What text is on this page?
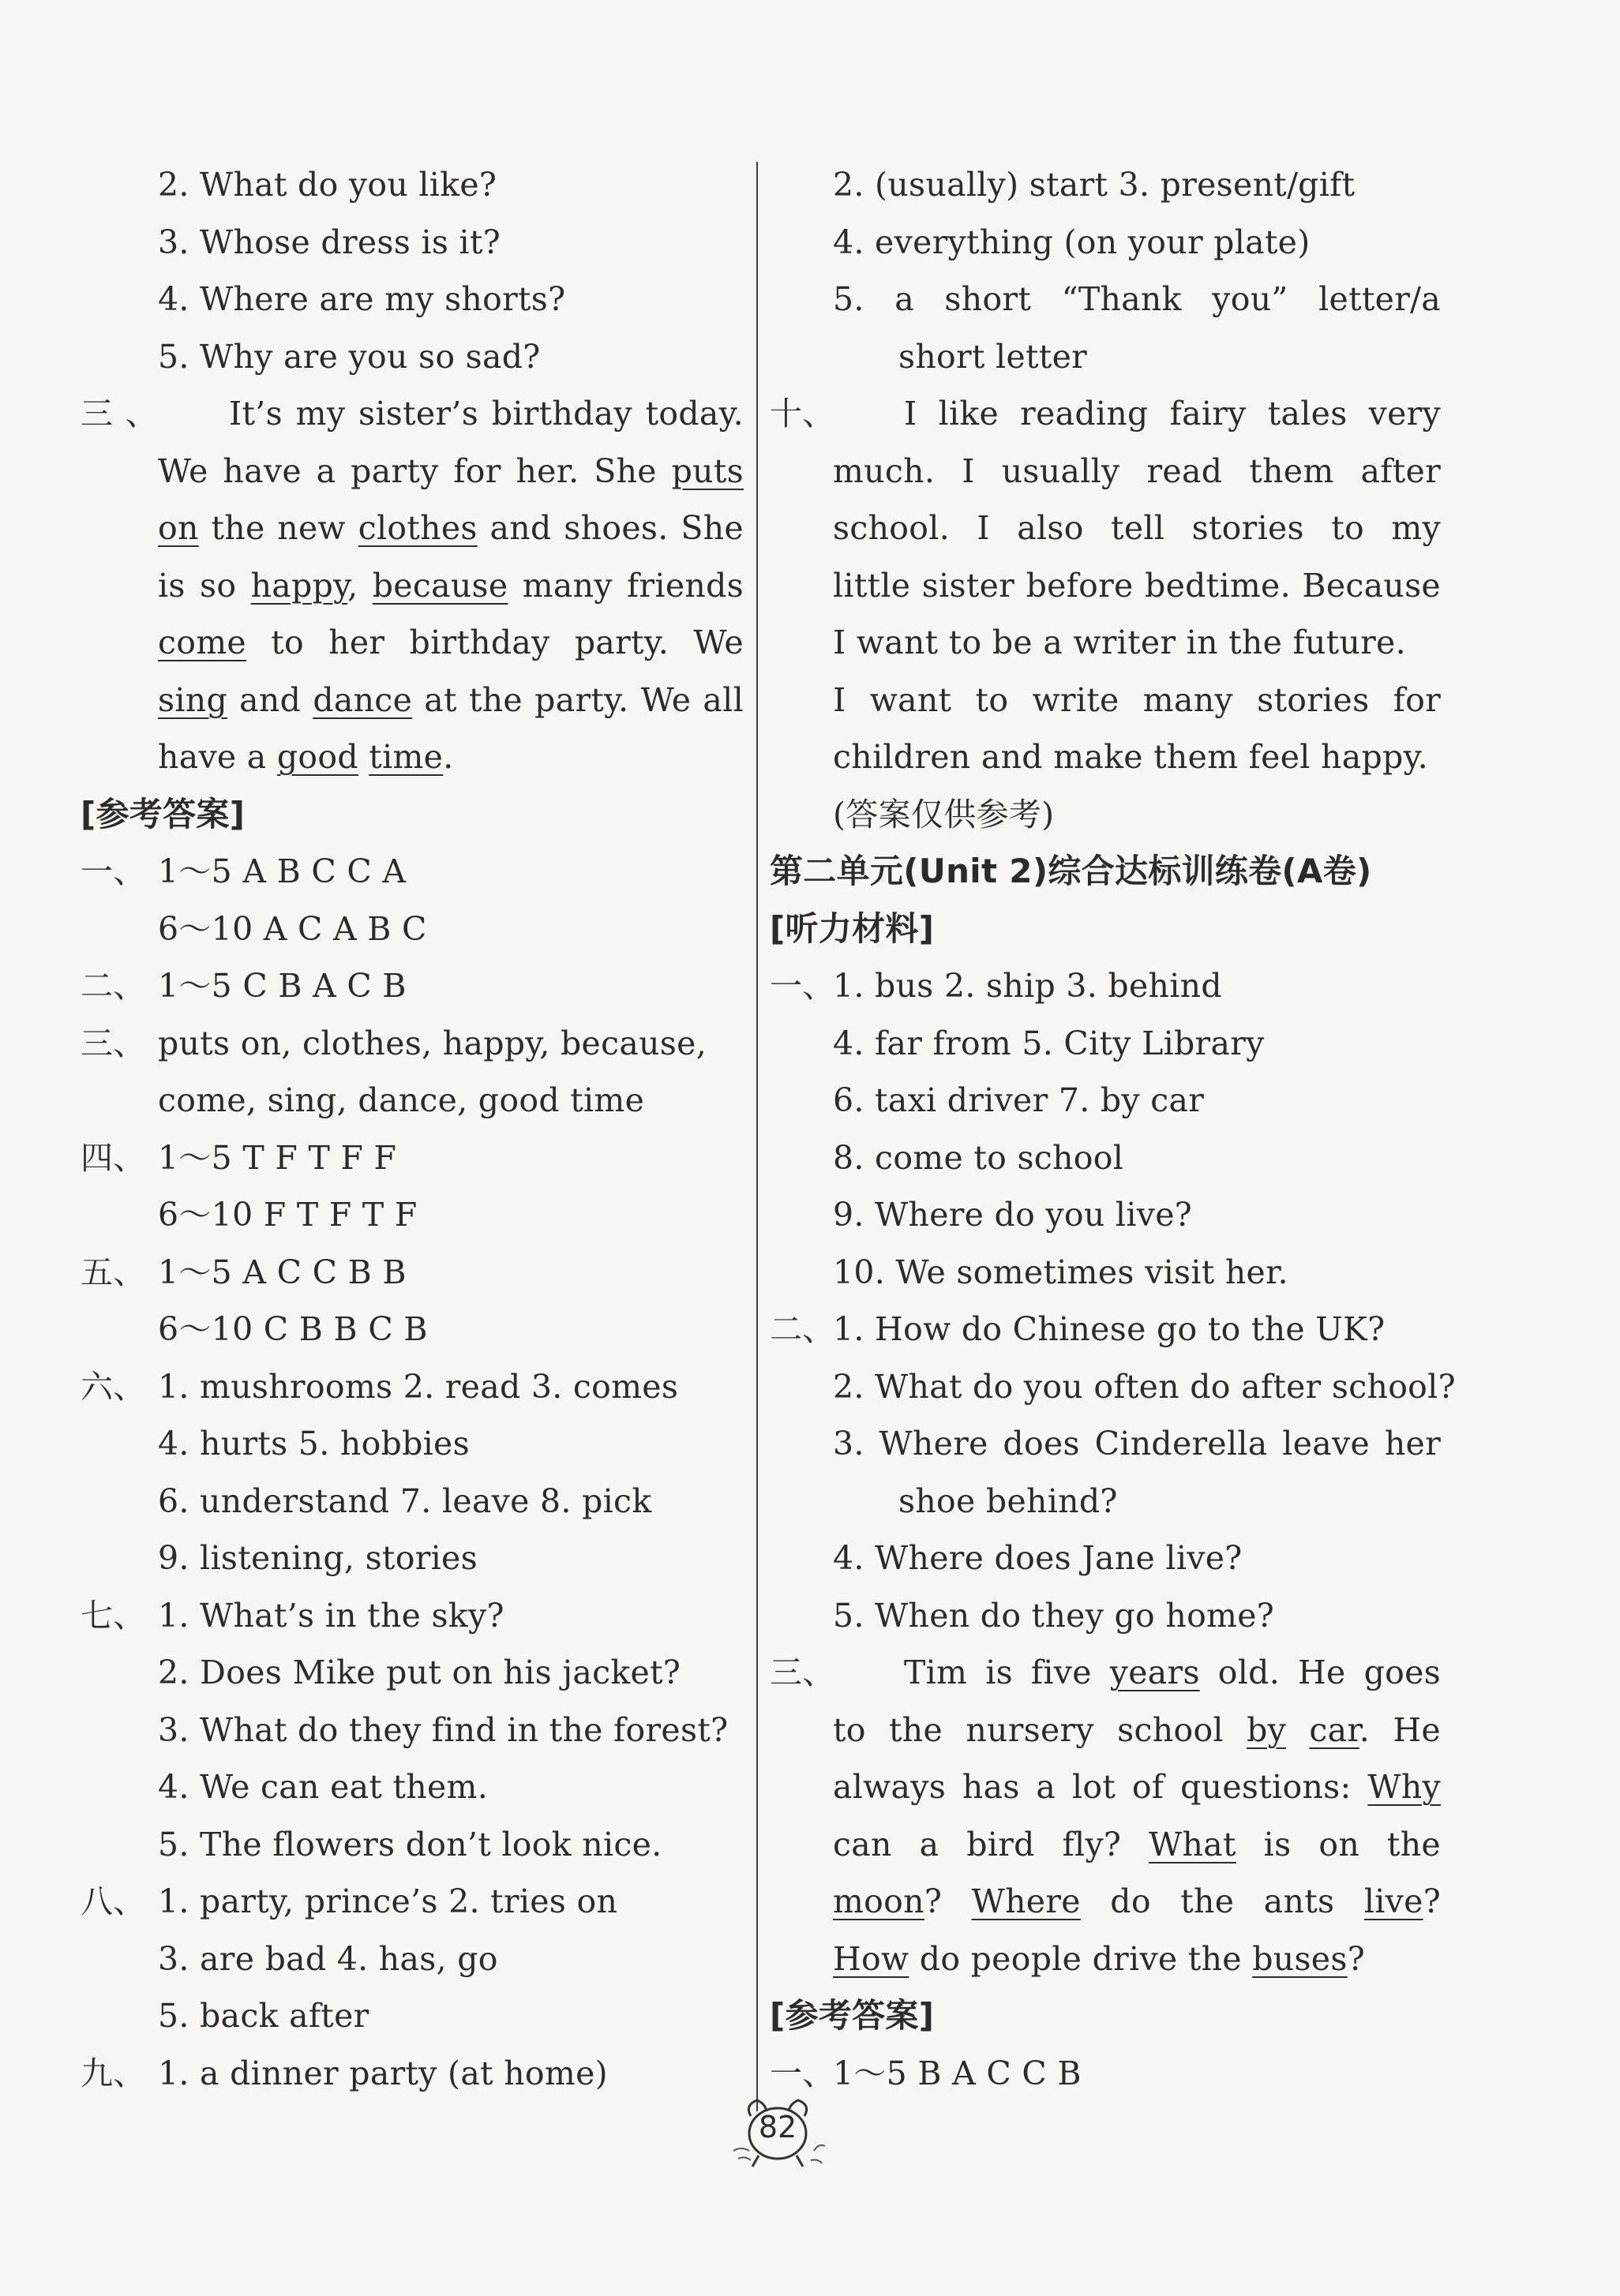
2. What do you like?
3. Whose dress is it?
4. Where are my shorts?
5. Why are you so sad?
三、 It’s my sister’s birthday today.
We have a party for her. She puts
on the new clothes and shoes. She
is so happy, because many friends
come to her birthday party. We
sing and dance at the party. We all
have a good time.
[参考答案]
一、 1～5 A B C C A
6～10 A C A B C
二、 1～5 C B A C B
三、 puts on, clothes, happy, because,
come, sing, dance, good time
四、 1～5 T F T F F
6～10 F T F T F
五、 1～5 A C C B B
6～10 C B B C B
六、 1. mushrooms 2. read 3. comes
4. hurts 5. hobbies
6. understand 7. leave 8. pick
9. listening, stories
七、 1. What’s in the sky?
2. Does Mike put on his jacket?
3. What do they find in the forest?
4. We can eat them.
5. The flowers don’t look nice.
八、 1. party, prince’s 2. tries on
3. are bad 4. has, go
5. back after
九、 1. a dinner party (at home)
2. (usually) start 3. present/gift
4. everything (on your plate)
5. a short “Thank you” letter/a
short letter
十、 I like reading fairy tales very
much. I usually read them after
school. I also tell stories to my
little sister before bedtime. Because
I want to be a writer in the future.
I want to write many stories for
children and make them feel happy.
(答案仅供参考)
第二单元(Unit 2)综合达标训练卷(A卷)
[听力材料]
一、1. bus 2. ship 3. behind
4. far from 5. City Library
6. taxi driver 7. by car
8. come to school
9. Where do you live?
10. We sometimes visit her.
二、1. How do Chinese go to the UK?
2. What do you often do after school?
3. Where does Cinderella leave her
shoe behind?
4. Where does Jane live?
5. When do they go home?
三、 Tim is five years old. He goes
to the nursery school by car. He
always has a lot of questions: Why
can a bird fly? What is on the
moon? Where do the ants live?
How do people drive the buses?
[参考答案]
一、1～5 B A C C B
82
